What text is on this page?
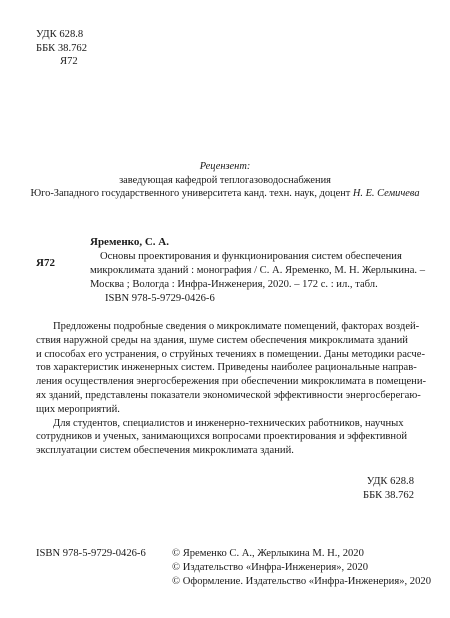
УДК 628.8
ББК 38.762
Я72
Рецензент:
заведующая кафедрой теплогазоводоснабжения
Юго-Западного государственного университета канд. техн. наук, доцент Н. Е. Семичева
Яременко, С. А.
Я72
Основы проектирования и функционирования систем обеспечения
микроклимата зданий : монография / С. А. Яременко, М. Н. Жерлыкина. –
Москва ; Вологда : Инфра-Инженерия, 2020. – 172 с. : ил., табл.
ISBN 978-5-9729-0426-6
Предложены подробные сведения о микроклимате помещений, факторах воздей-
ствия наружной среды на здания, шуме систем обеспечения микроклимата зданий
и способах его устранения, о струйных течениях в помещении. Даны методики расче-
тов характеристик инженерных систем. Приведены наиболее рациональные направ-
ления осуществления энергосбережения при обеспечении микроклимата в помещени-
ях зданий, представлены показатели экономической эффективности энергосберегаю-
щих мероприятий.
Для студентов, специалистов и инженерно-технических работников, научных
сотрудников и ученых, занимающихся вопросами проектирования и эффективной
эксплуатации систем обеспечения микроклимата зданий.
УДК 628.8
ББК 38.762
ISBN 978-5-9729-0426-6 © Яременко С. А., Жерлыкина М. Н., 2020
© Издательство «Инфра-Инженерия», 2020
© Оформление. Издательство «Инфра-Инженерия», 2020
